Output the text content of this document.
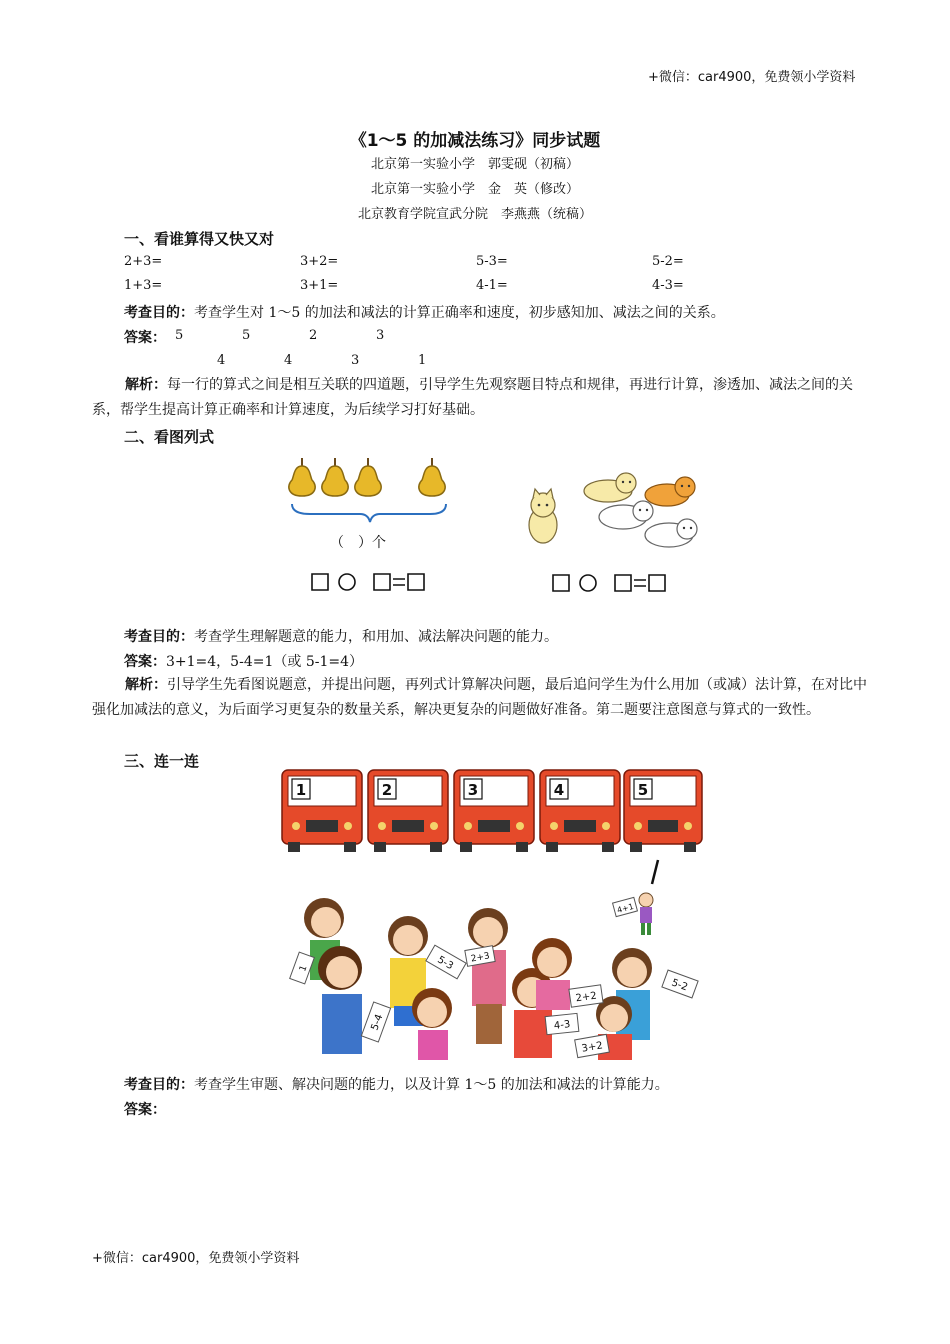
+微信：car4900，免费领小学资料
+微信：car4900，免费领小学资料
《1～5 的加减法练习》同步试题
北京第一实验小学　郭雯砚（初稿）
北京第一实验小学　金　英（修改）
北京教育学院宣武分院　李燕燕（统稿）
一、看谁算得又快又对
2+3=	3+2=	5-3=	5-2=
1+3=	3+1=	4-1=	4-3=
考查目的：考查学生对 1～5 的加法和减法的计算正确率和速度，初步感知加、减法之间的关系。
答案： 5	5	2	3
4	4	3	1
解析：每一行的算式之间是相互关联的四道题，引导学生先观察题目特点和规律，再进行计算，渗透加、减法之间的关系，帮学生提高计算正确率和计算速度，为后续学习打好基础。
二、看图列式
（　）个
考查目的：考查学生理解题意的能力，和用加、减法解决问题的能力。
答案：3+1=4，5-4=1（或 5-1=4）
解析：引导学生先看图说题意，并提出问题，再列式计算解决问题，最后追问学生为什么用加（或减）法计算，在对比中强化加减法的意义，为后面学习更复杂的数量关系，解决更复杂的问题做好准备。第二题要注意图意与算式的一致性。
三、连一连
1	2	3	4	5
4+1
1
5-4
5-3 2+3
2+2
4-3
3+2
5-2
考查目的：考查学生审题、解决问题的能力，以及计算 1～5 的加法和减法的计算能力。
答案：
